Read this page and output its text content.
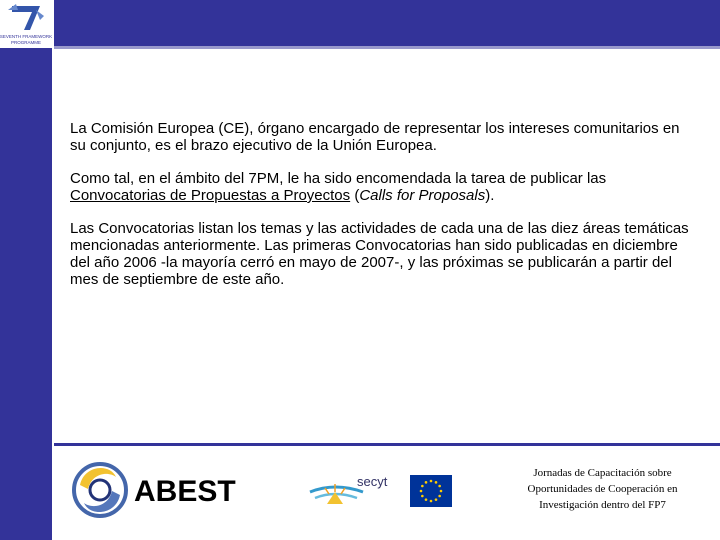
SEVENTH FRAMEWORK
PROGRAMME

La Comisión Europea (CE), órgano encargado de representar los intereses comunitarios en su conjunto, es el brazo ejecutivo de la Unión Europea.

Como tal, en el ámbito del 7PM, le ha sido encomendada la tarea de publicar las Convocatorias de Propuestas a Proyectos (Calls for Proposals).

Las Convocatorias listan los temas y las actividades de cada una de las diez áreas temáticas mencionadas anteriormente. Las primeras Convocatorias han sido publicadas en diciembre del año 2006 -la mayoría cerró en mayo de 2007-, y las próximas se publicarán a partir del mes de septiembre de este año.

ABEST	secyt
Jornadas de Capacitación sobre
Oportunidades de Cooperación en
Investigación dentro del FP7
